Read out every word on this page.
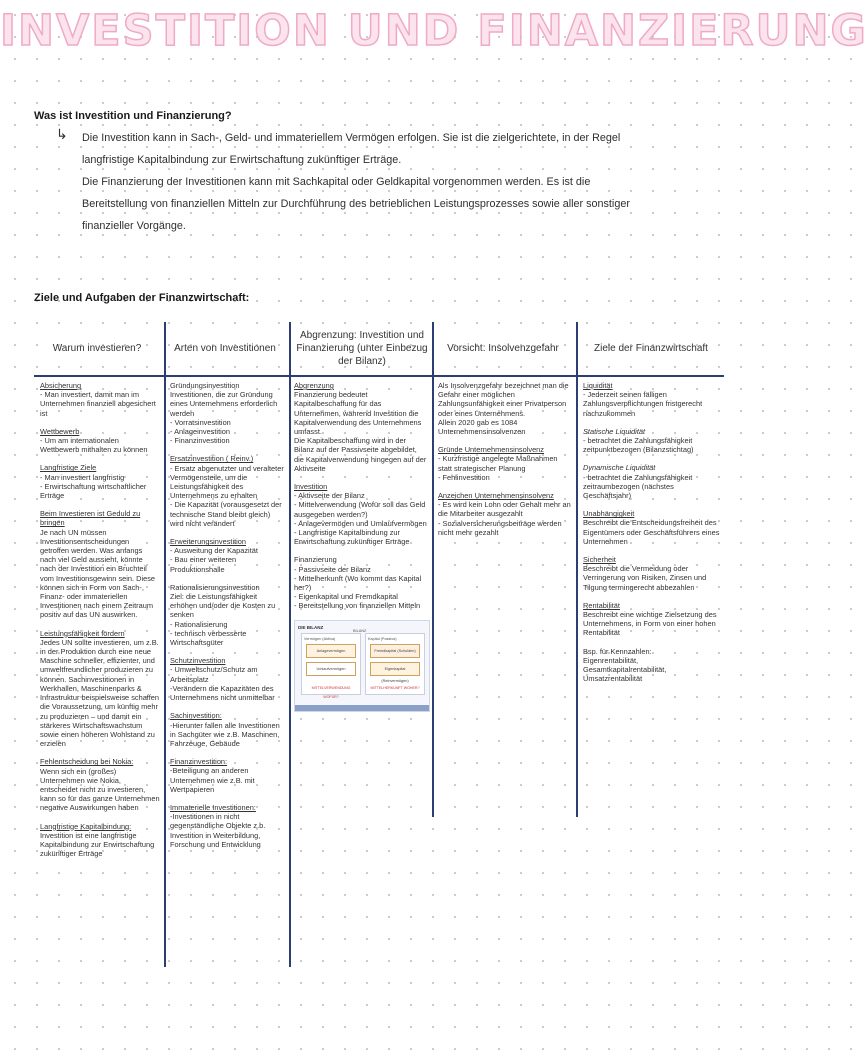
INVESTITION UND FINANZIERUNG
Was ist Investition und Finanzierung?
↳ Die Investition kann in Sach-, Geld- und immateriellem Vermögen erfolgen. Sie ist die zielgerichtete, in der Regel
langfristige Kapitalbindung zur Erwirtschaftung zukünftiger Erträge.
Die Finanzierung der Investitionen kann mit Sachkapital oder Geldkapital vorgenommen werden. Es ist die
Bereitstellung von finanziellen Mitteln zur Durchführung des betrieblichen Leistungsprozesses sowie aller sonstiger
finanzieller Vorgänge.
Ziele und Aufgaben der Finanzwirtschaft:
Warum investieren?	Arten von Investitionen
Abgrenzung: Investition und Finanzierung (unter Einbezug der Bilanz)
Vorsicht: Insolvenzgefahr	Ziele der Finanzwirtschaft
Absicherung
- Man investiert, damit man im Unternehmen finanziell abgesichert ist
Wettbewerb
- Um am internationalen Wettbewerb mithalten zu können
Langfristige Ziele
- Man investiert langfristig
- Erwirtschaftung wirtschaftlicher Erträge
Beim Investieren ist Geduld zu bringen
Je nach UN müssen Investitionsentscheidungen getroffen werden. Was anfangs nach viel Geld aussieht, könnte nach der Investition ein Bruchteil vom Investitionsgewinn sein. Diese können sich in Form von Sach-, Finanz- oder immateriellen Investitionen nach einem Zeitraum positiv auf das UN auswirken.
Leistungsfähigkeit fördern
Jedes UN sollte investieren, um z.B. in der Produktion durch eine neue Maschine schneller, effizienter, und umweltfreundlicher produzieren zu können. Sachinvestitionen in Werkhallen, Maschinenparks & Infrastruktur beispielsweise schaffen die Voraussetzung, um künftig mehr zu produzieren – und damit ein stärkeres Wirtschaftswachstum sowie einen höheren Wohlstand zu erzielen
Fehlentscheidung bei Nokia:
Wenn sich ein (großes) Unternehmen wie Nokia, entscheidet nicht zu investieren, kann so für das ganze Unternehmen negative Auswirkungen haben
Langfristige Kapitalbindung:
Investition ist eine langfristige Kapitalbindung zur Erwirtschaftung zukünftiger Erträge
Gründungsinvestition
Investitionen, die zur Gründung eines Unternehmens erforderlich werden
- Vorratsinvestition
- Anlageinvestition
- Finanzinvestition
Ersatzinvestition ( Reinv.)
- Ersatz abgenutzter und veralteter Vermögensteile, um die Leistungsfähigkeit des Unternehmens zu erhalten
- Die Kapazität (vorausgesetzt der technische Stand bleibt gleich) wird nicht verändert
Erweiterungsinvestition
- Ausweitung der Kapazität
- Bau einer weiteren Produktionshalle
Rationalisierungsinvestition
Ziel: die Leistungsfähigkeit erhöhen und/oder die Kosten zu senken
- Rationalisierung
- technisch verbesserte Wirtschaftsgüter
Schutzinvestition
- Umweltschutz/Schutz am Arbeitsplatz
-Verändern die Kapazitäten des Unternehmens nicht unmittelbar
Sachinvestition:
-Hierunter fallen alle Investitionen in Sachgüter wie z.B. Maschinen, Fahrzeuge, Gebäude
Finanzinvestition:
-Beteiligung an anderen Unternehmen wie z.B. mit Wertpapieren
Immaterielle Investitionen:
-Investitionen in nicht gegenständliche Objekte z.b. Investition in Weiterbildung, Forschung und Entwicklung
Abgrenzung
Finanzierung bedeutet Kapitalbeschaffung für das Unternehmen, während Investition die Kapitalverwendung des Unternehmens umfasst.
Die Kapitalbeschaffung wird in der Bilanz auf der Passivseite abgebildet, die Kapitalverwendung hingegen auf der Aktivseite
Investition
- Aktivseite der Bilanz
- Mittelverwendung (Wofür soll das Geld ausgegeben werden?)
- Anlagevermögen und Umlaufvermögen
- Langfristige Kapitalbindung zur Erwirtschaftung zukünftiger Erträge
Finanzierung
- Passivseite der Bilanz
- Mittelherkunft (Wo kommt das Kapital her?)
- Eigenkapital und Fremdkapital
- Bereitstellung von finanziellen Mitteln
DIE BILANZ
BILANZ
Vermögen (Aktiva)
Anlagevermögen
Umlaufvermögen
MITTELVERWENDUNG WOFÜR?
Kapital (Passiva)
Fremdkapital (Schulden)
Eigenkapital (Reinvermögen)
MITTELHERKUNFT WOHER?
Als Insolvenzgefahr bezeichnet man die Gefahr einer möglichen Zahlungsunfähigkeit einer Privatperson oder eines Unternehmens.
Allein 2020 gab es 1084 Unternehmensinsolvenzen
Gründe Unternehmensinsolvenz
- Kurzfristige angelegte Maßnahmen statt strategischer Planung
- Fehlinvestition
Anzeichen Unternehmensinsolvenz
- Es wird kein Lohn oder Gehalt mehr an die Mitarbeiter ausgezahlt
- Sozialversicherungsbeiträge werden nicht mehr gezahlt
Liquidität
- Jederzeit seinen fälligen Zahlungsverpflichtungen fristgerecht nachzukommen
Statische Liquidität
- betrachtet die Zahlungsfähigkeit zeitpunktbezogen (Bilanzstichtag)
Dynamische Liquidität
- betrachtet die Zahlungsfähigkeit zeitraumbezogen (nächstes Geschäftsjahr)
Unabhängigkeit
Beschreibt die Entscheidungsfreiheit des Eigentümers oder Geschäftsführers eines Unternehmen
Sicherheit
Beschreibt die Vermeidung oder Verringerung von Risiken, Zinsen und Tilgung termingerecht abbezahlen
Rentabilität
Beschreibt eine wichtige Zielsetzung des Unternehmens, in Form von einer hohen Rentabilität
Bsp. für Kennzahlen:
Eigenrentabilität,
Gesamtkapitalrentabilität,
Umsatzrentabilität
